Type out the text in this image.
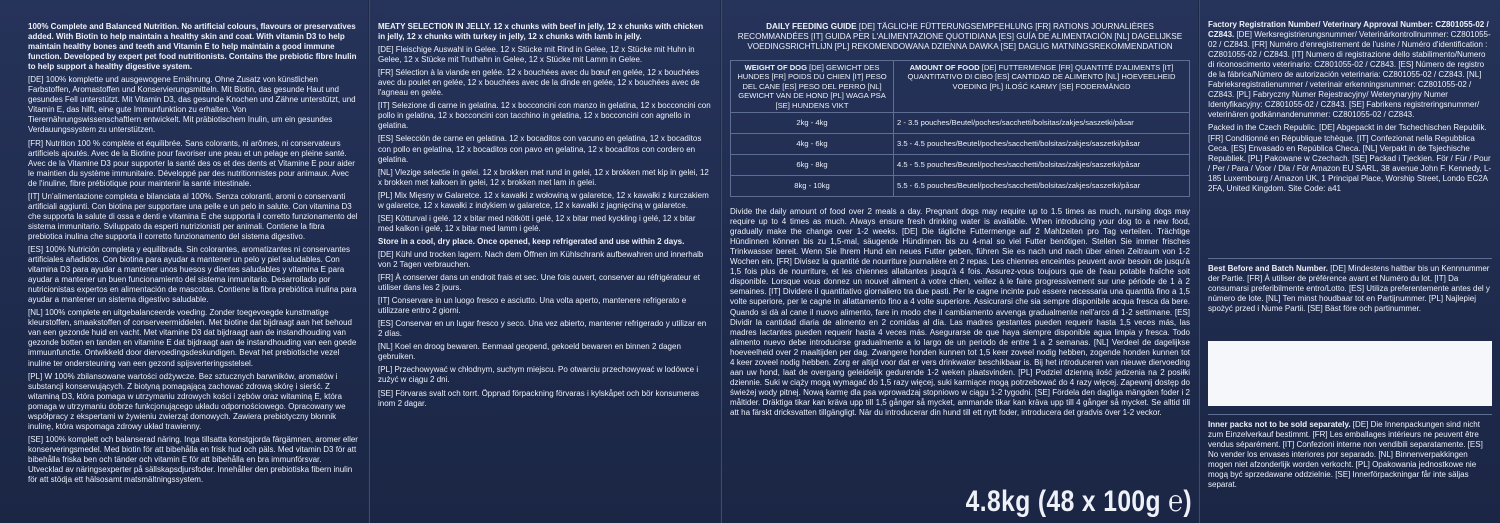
100% Complete and Balanced Nutrition. No artificial colours, flavours or preservatives added. With Biotin to help maintain a healthy skin and coat. With vitamin D3 to help maintain healthy bones and teeth and Vitamin E to help maintain a good immune function. Developed by expert pet food nutritionists. Contains the prebiotic fibre Inulin to help support a healthy digestive system.
[DE] 100% komplette und ausgewogene Ernährung. Ohne Zusatz von künstlichen Farbstoffen, Aromastoffen und Konservierungsmitteln. Mit Biotin, das gesunde Haut und gesundes Fell unterstützt. Mit Vitamin D3, das gesunde Knochen und Zähne unterstützt, und Vitamin E, das hilft, eine gute Immunfunktion zu erhalten. Von Tierernährungswissenschaftlern entwickelt. Mit präbiotischem Inulin, um ein gesundes Verdauungssystem zu unterstützen.
[FR] Nutrition 100 % complète et équilibrée. Sans colorants, ni arômes, ni conservateurs artificiels ajoutés. Avec de la Biotine pour favoriser une peau et un pelage en pleine santé. Avec de la Vitamine D3 pour supporter la santé des os et des dents et Vitamine E pour aider le maintien du système immunitaire. Développé par des nutritionnistes pour animaux. Avec de l'inuline, fibre prébiotique pour maintenir la santé intestinale.
[IT] Un'alimentazione completa e bilanciata al 100%. Senza coloranti, aromi o conservanti artificiali aggiunti. Con biotina per supportare una pelle e un pelo in salute. Con vitamina D3 che supporta la salute di ossa e denti e vitamina E che supporta il corretto funzionamento del sistema immunitario. Sviluppato da esperti nutrizionisti per animali. Contiene la fibra prebiotica inulina che supporta il corretto funzionamento del sistema digestivo.
[ES] 100% Nutrición completa y equilibrada. Sin colorantes, aromatizantes ni conservantes artificiales añadidos. Con biotina para ayudar a mantener un pelo y piel saludables. Con vitamina D3 para ayudar a mantener unos huesos y dientes saludables y vitamina E para ayudar a mantener un buen funcionamiento del sistema inmunitario. Desarrollado por nutricionistas expertos en alimentación de mascotas. Contiene la fibra prebiótica inulina para ayudar a mantener un sistema digestivo saludable.
[NL] 100% complete en uitgebalanceerde voeding. Zonder toegevoegde kunstmatige kleurstoffen, smaakstoffen of conserveermiddelen. Met biotine dat bijdraagt aan het behoud van een gezonde huid en vacht. Met vitamine D3 dat bijdraagt aan de instandhouding van gezonde botten en tanden en vitamine E dat bijdraagt aan de instandhouding van een goede immuunfunctie. Ontwikkeld door diervoedingsdeskundigen. Bevat het prebiotische vezel inuline ter ondersteuning van een gezond spijsverteringsstelsel.
[PL] W 100% zbilansowane wartości odżywcze. Bez sztucznych barwników, aromatów i substancji konserwujących. Z biotyną pomagającą zachować zdrową skórę i sierść. Z witaminą D3, która pomaga w utrzymaniu zdrowych kości i zębów oraz witaminą E, która pomaga w utrzymaniu dobrze funkcjonującego układu odpornościowego. Opracowany we współpracy z ekspertami w żywieniu zwierząt domowych. Zawiera prebiotyczny błonnik inulinę, która wspomaga zdrowy układ trawienny.
[SE] 100% komplett och balanserad näring. Inga tillsatta konstgjorda färgämnen, aromer eller konserveringsmedel. Med biotin för att bibehålla en frisk hud och päls. Med vitamin D3 för att bibehålla friska ben och tänder och vitamin E för att bibehålla en bra immunförsvar. Utvecklad av näringsexperter på sällskapsdjursfoder. Innehåller den prebiotiska fibern inulin för att stödja ett hälsosamt matsmältningssystem.
MEATY SELECTION IN JELLY. 12 x chunks with beef in jelly, 12 x chunks with chicken in jelly, 12 x chunks with turkey in jelly, 12 x chunks with lamb in jelly.
[DE] Fleischige Auswahl in Gelee. 12 x Stücke mit Rind in Gelee, 12 x Stücke mit Huhn in Gelee, 12 x Stücke mit Truthahn in Gelee, 12 x Stücke mit Lamm in Gelee.
[FR] Sélection à la viande en gelée. 12 x bouchées avec du bœuf en gelée, 12 x bouchées avec du poulet en gelée, 12 x bouchées avec de la dinde en gelée, 12 x bouchées avec de l'agneau en gelée.
[IT] Selezione di carne in gelatina. 12 x bocconcini con manzo in gelatina, 12 x bocconcini con pollo in gelatina, 12 x bocconcini con tacchino in gelatina, 12 x bocconcini con agnello in gelatina.
[ES] Selección de carne en gelatina. 12 x bocaditos con vacuno en gelatina, 12 x bocaditos con pollo en gelatina, 12 x bocaditos con pavo en gelatina, 12 x bocaditos con cordero en gelatina.
[NL] Vlezige selectie in gelei. 12 x brokken met rund in gelei, 12 x brokken met kip in gelei, 12 x brokken met kalkoen in gelei, 12 x brokken met lam in gelei.
[PL] Mix Mięsny w Galaretce. 12 x kawałki z wołowiną w galaretce, 12 x kawałki z kurczakiem w galaretce, 12 x kawałki z indykiem w galaretce, 12 x kawałki z jagnięciną w galaretce.
[SE] Kötturval i gelé. 12 x bitar med nötkött i gelé, 12 x bitar med kyckling i gelé, 12 x bitar med kalkon i gelé, 12 x bitar med lamm i gelé.
Store in a cool, dry place. Once opened, keep refrigerated and use within 2 days.
[DE] Kühl und trocken lagern. Nach dem Öffnen im Kühlschrank aufbewahren und innerhalb von 2 Tagen verbrauchen.
[FR] À conserver dans un endroit frais et sec. Une fois ouvert, conserver au réfrigérateur et utiliser dans les 2 jours.
[IT] Conservare in un luogo fresco e asciutto. Una volta aperto, mantenere refrigerato e utilizzare entro 2 giorni.
[ES] Conservar en un lugar fresco y seco. Una vez abierto, mantener refrigerado y utilizar en 2 días.
[NL] Koel en droog bewaren. Eenmaal geopend, gekoeld bewaren en binnen 2 dagen gebruiken.
[PL] Przechowywać w chłodnym, suchym miejscu. Po otwarciu przechowywać w lodówce i zużyć w ciągu 2 dni.
[SE] Förvaras svalt och torrt. Öppnad förpackning förvaras i kylskåpet och bör konsumeras inom 2 dagar.
DAILY FEEDING GUIDE [DE] TÄGLICHE FÜTTERUNGSEMPFEHLUNG [FR] RATIONS JOURNALIÈRES RECOMMANDÉES [IT] GUIDA PER L'ALIMENTAZIONE QUOTIDIANA [ES] GUÍA DE ALIMENTACIÓN [NL] DAGELIJKSE VOEDINGSRICHTLIJN [PL] REKOMENDOWANA DZIENNA DAWKA [SE] DAGLIG MATNINGSREKOMMENDATION
WEIGHT OF DOG [DE] GEWICHT DES HUNDES [FR] POIDS DU CHIEN [IT] PESO DEL CANE [ES] PESO DEL PERRO [NL] GEWICHT VAN DE HOND [PL] WAGA PSA [SE] HUNDENS VIKT	AMOUNT OF FOOD [DE] FUTTERMENGE [FR] QUANTITÉ D'ALIMENTS [IT] QUANTITATIVO DI CIBO [ES] CANTIDAD DE ALIMENTO [NL] HOEVEELHEID VOEDING [PL] ILOŚĆ KARMY [SE] FODERMÄNGD
2kg - 4kg	2 - 3.5 pouches/Beutel/poches/sacchetti/bolsitas/zakjes/saszetki/påsar
4kg - 6kg	3.5 - 4.5 pouches/Beutel/poches/sacchetti/bolsitas/zakjes/saszetki/påsar
6kg - 8kg	4.5 - 5.5 pouches/Beutel/poches/sacchetti/bolsitas/zakjes/saszetki/påsar
8kg - 10kg	5.5 - 6.5 pouches/Beutel/poches/sacchetti/bolsitas/zakjes/saszetki/påsar
Divide the daily amount of food over 2 meals a day. Pregnant dogs may require up to 1.5 times as much, nursing dogs may require up to 4 times as much. Always ensure fresh drinking water is available. When introducing your dog to a new food, gradually make the change over 1-2 weeks. [DE] Die tägliche Futtermenge auf 2 Mahlzeiten pro Tag verteilen. Trächtige Hündinnen können bis zu 1,5-mal, säugende Hündinnen bis zu 4-mal so viel Futter benötigen. Stellen Sie immer frisches Trinkwasser bereit. Wenn Sie Ihrem Hund ein neues Futter geben, führen Sie es nach und nach über einen Zeitraum von 1-2 Wochen ein. [FR] Divisez la quantité de nourriture journalière en 2 repas. Les chiennes enceintes peuvent avoir besoin de jusqu'à 1,5 fois plus de nourriture, et les chiennes allaitantes jusqu'à 4 fois. Assurez-vous toujours que de l'eau potable fraîche soit disponible. Lorsque vous donnez un nouvel aliment à votre chien, veillez à le faire progressivement sur une période de 1 à 2 semaines. [IT] Dividere il quantitativo giornaliero tra due pasti. Per le cagne incinte può essere necessaria una quantità fino a 1,5 volte superiore, per le cagne in allattamento fino a 4 volte superiore. Assicurarsi che sia sempre disponibile acqua fresca da bere. Quando si dà al cane il nuovo alimento, fare in modo che il cambiamento avvenga gradualmente nell'arco di 1-2 settimane. [ES] Dividir la cantidad diaria de alimento en 2 comidas al día. Las madres gestantes pueden requerir hasta 1,5 veces más, las madres lactantes pueden requerir hasta 4 veces más. Asegurarse de que haya siempre disponible agua limpia y fresca. Todo alimento nuevo debe introducirse gradualmente a lo largo de un periodo de entre 1 a 2 semanas. [NL] Verdeel de dagelijkse hoeveelheid over 2 maaltijden per dag. Zwangere honden kunnen tot 1,5 keer zoveel nodig hebben, zogende honden kunnen tot 4 keer zoveel nodig hebben. Zorg er altijd voor dat er vers drinkwater beschikbaar is. Bij het introduceren van nieuwe diervoeding aan uw hond, laat de overgang geleidelijk gedurende 1-2 weken plaatsvinden. [PL] Podziel dzienną ilość jedzenia na 2 posiłki dziennie. Suki w ciąży mogą wymagać do 1,5 razy więcej, suki karmiące mogą potrzebować do 4 razy więcej. Zapewnij dostęp do świeżej wody pitnej. Nową karmę dla psa wprowadzaj stopniowo w ciągu 1-2 tygodni. [SE] Fördela den dagliga mängden foder i 2 måltider. Dräktiga tikar kan kräva upp till 1,5 gånger så mycket, ammande tikar kan kräva upp till 4 gånger så mycket. Se alltid till att ha färskt dricksvatten tillgängligt. När du introducerar din hund till ett nytt foder, introducera det gradvis över 1-2 veckor.
4.8kg (48 x 100g ℮)
Factory Registration Number/ Veterinary Approval Number: CZ801055-02 / CZ843. [DE] Werksregistrierungsnummer/ Veterinärkontrollnummer: CZ801055-02 / CZ843. [FR] Numéro d'enregistrement de l'usine / Numéro d'identification : CZ801055-02 / CZ843. [IT] Numero di registrazione dello stabilimento/Numero di riconoscimento veterinario: CZ801055-02 / CZ843. [ES] Número de registro de la fábrica/Número de autorización veterinaria: CZ801055-02 / CZ843. [NL] Fabrieksregistratienummer / veterinair erkenningsnummer: CZ801055-02 / CZ843. [PL] Fabryczny Numer Rejestracyjny/ Weterynaryjny Numer Identyfikacyjny: CZ801055-02 / CZ843. [SE] Fabrikens registreringsnummer/ veterinären godkännandenummer: CZ801055-02 / CZ843.
Packed in the Czech Republic. [DE] Abgepackt in der Tschechischen Republik. [FR] Conditionné en République tchèque. [IT] Confezionat nella Repubblica Ceca. [ES] Envasado en República Checa. [NL] Verpakt in de Tsjechische Republiek. [PL] Pakowane w Czechach. [SE] Packad i Tjeckien. För / Für / Pour / Per / Para / Voor / Dla / För Amazon EU SARL, 38 avenue John F. Kennedy, L-185 Luxembourg / Amazon UK, 1 Principal Place, Worship Street, Londo EC2A 2FA, United Kingdom. Site Code: a41
Best Before and Batch Number. [DE] Mindestens haltbar bis un Kennnummer der Partie. [FR] À utiliser de préférence avant et Numéro du lot. [IT] Da consumarsi preferibilmente entro/Lotto. [ES] Utiliza preferentemente antes del y número de lote. [NL] Ten minst houdbaar tot en Partijnummer. [PL] Najlepiej spożyć przed i Nume Partii. [SE] Bäst före och partinummer.
Inner packs not to be sold separately. [DE] Die Innenpackungen sind nicht zum Einzelverkauf bestimmt. [FR] Les emballages intérieurs ne peuvent être vendus séparément. [IT] Confezioni interne non vendibili separatamente. [ES] No vender los envases interiores por separado. [NL] Binnenverpakkingen mogen niet afzonderlijk worden verkocht. [PL] Opakowania jednostkowe nie mogą być sprzedawane oddzielnie. [SE] Innerförpackningar får inte säljas separat.
